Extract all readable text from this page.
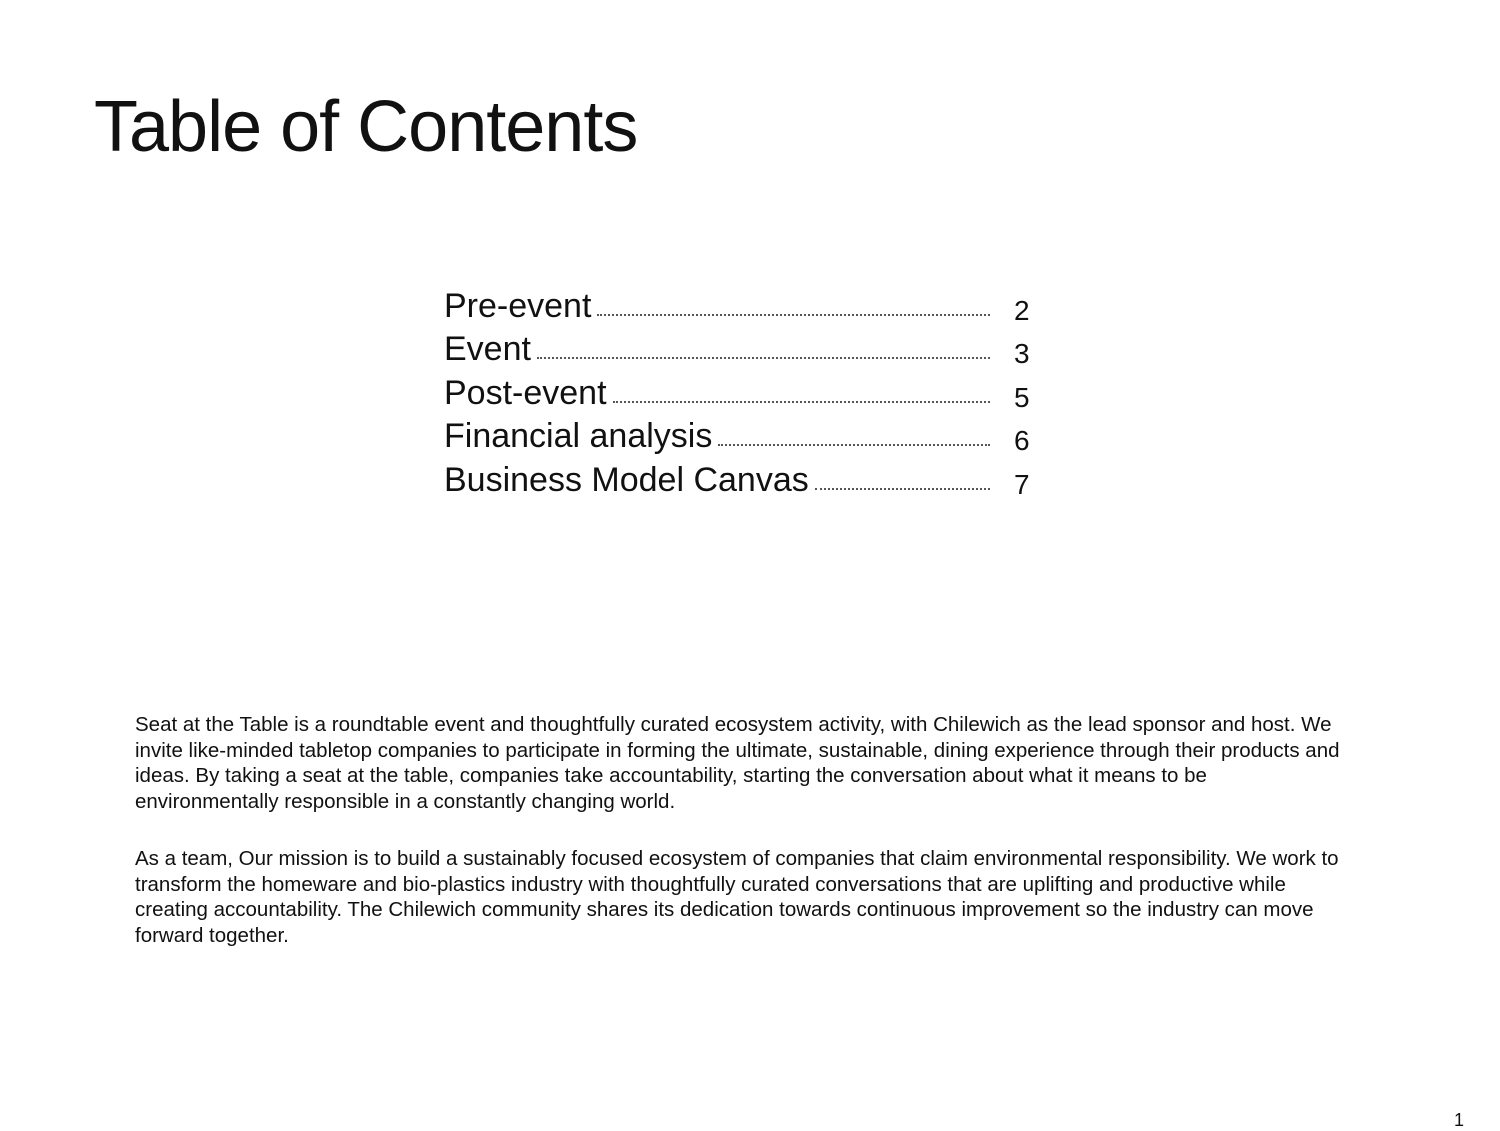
Table of Contents
Pre-event	2
Event	3
Post-event	5
Financial analysis	6
Business Model Canvas	7

Seat at the Table is a roundtable event and thoughtfully curated ecosystem activity, with Chilewich as the lead sponsor and host. We invite like-minded tabletop companies to participate in forming the ultimate, sustainable, dining experience through their products and ideas. By taking a seat at the table, companies take accountability, starting the conversation about what it means to be environmentally responsible in a constantly changing world.

As a team, Our mission is to build a sustainably focused ecosystem of companies that claim environmental responsibility. We work to transform the homeware and bio-plastics industry with thoughtfully curated conversations that are uplifting and productive while creating accountability. The Chilewich community shares its dedication towards continuous improvement so the industry can move forward together.

1
